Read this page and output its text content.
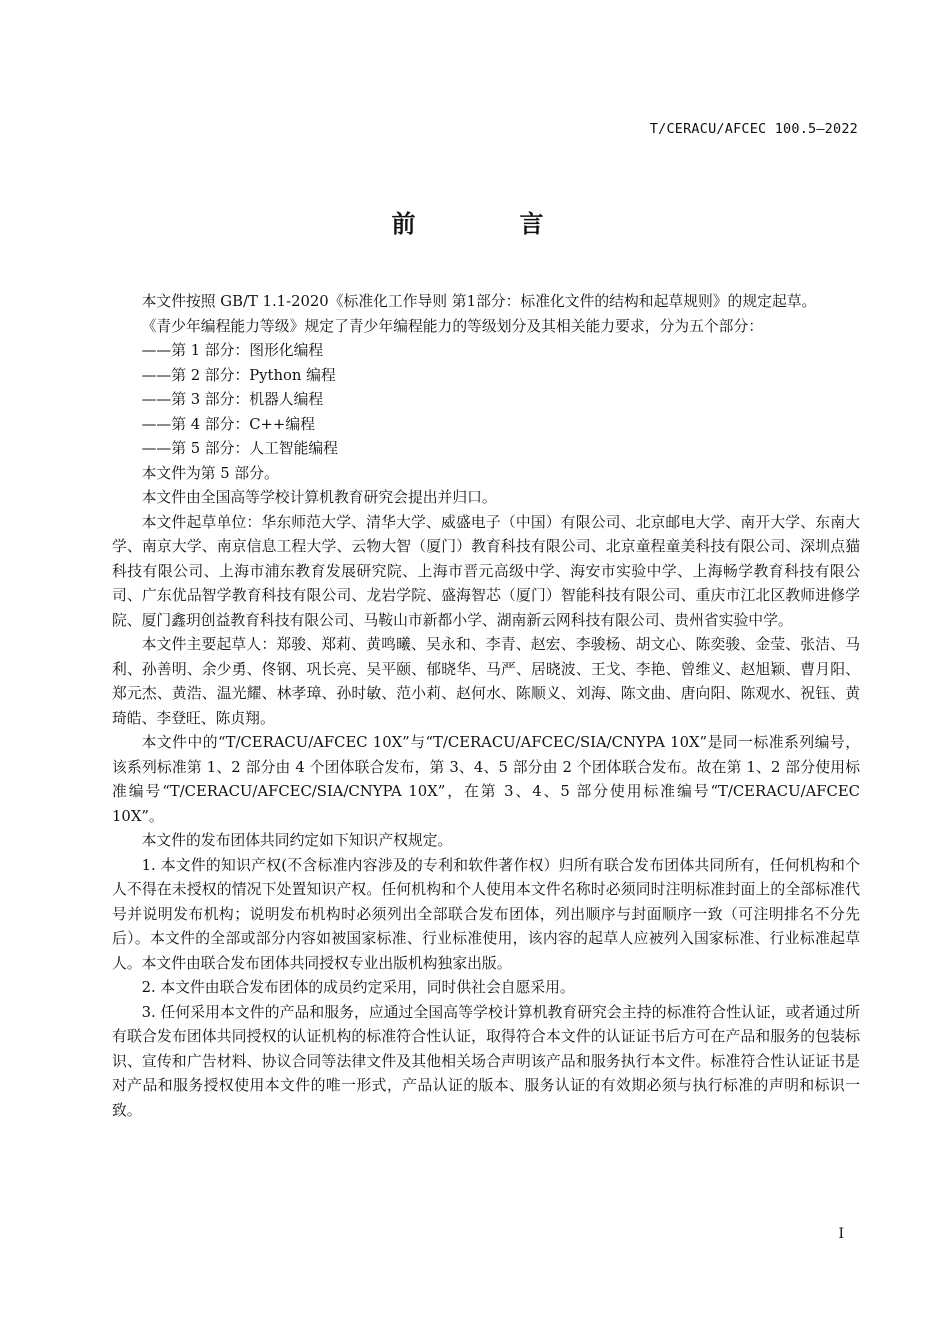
T/CERACU/AFCEC 100.5—2022
前　言

本文件按照 GB/T 1.1-2020《标准化工作导则 第1部分：标准化文件的结构和起草规则》的规定起草。

《青少年编程能力等级》规定了青少年编程能力的等级划分及其相关能力要求，分为五个部分：

——第 1 部分：图形化编程

——第 2 部分：Python 编程

——第 3 部分：机器人编程

——第 4 部分：C++编程

——第 5 部分：人工智能编程

本文件为第 5 部分。

本文件由全国高等学校计算机教育研究会提出并归口。

本文件起草单位：华东师范大学、清华大学、威盛电子（中国）有限公司、北京邮电大学、南开大学、东南大学、南京大学、南京信息工程大学、云物大智（厦门）教育科技有限公司、北京童程童美科技有限公司、深圳点猫科技有限公司、上海市浦东教育发展研究院、上海市晋元高级中学、海安市实验中学、上海畅学教育科技有限公司、广东优品智学教育科技有限公司、龙岩学院、盛海智芯（厦门）智能科技有限公司、重庆市江北区教师进修学院、厦门鑫玥创益教育科技有限公司、马鞍山市新都小学、湖南新云网科技有限公司、贵州省实验中学。

本文件主要起草人：郑骏、郑莉、黄鸣曦、吴永和、李青、赵宏、李骏杨、胡文心、陈奕骏、金莹、张洁、马利、孙善明、余少勇、佟钢、巩长亮、吴平颐、郁晓华、马严、居晓波、王戈、李艳、曾维义、赵旭颖、曹月阳、郑元杰、黄浩、温光耀、林孝璋、孙时敏、范小莉、赵何水、陈顺义、刘海、陈文曲、唐向阳、陈观水、祝钰、黄琦皓、李登旺、陈贞翔。

本文件中的“T/CERACU/AFCEC 10X”与“T/CERACU/AFCEC/SIA/CNYPA 10X”是同一标准系列编号，该系列标准第 1、2 部分由 4 个团体联合发布，第 3、4、5 部分由 2 个团体联合发布。故在第 1、2 部分使用标准编号“T/CERACU/AFCEC/SIA/CNYPA 10X”，在第 3、4、5 部分使用标准编号“T/CERACU/AFCEC 10X”。

本文件的发布团体共同约定如下知识产权规定。

1. 本文件的知识产权(不含标准内容涉及的专利和软件著作权）归所有联合发布团体共同所有，任何机构和个人不得在未授权的情况下处置知识产权。任何机构和个人使用本文件名称时必须同时注明标准封面上的全部标准代号并说明发布机构；说明发布机构时必须列出全部联合发布团体，列出顺序与封面顺序一致（可注明排名不分先后）。本文件的全部或部分内容如被国家标准、行业标准使用，该内容的起草人应被列入国家标准、行业标准起草人。本文件由联合发布团体共同授权专业出版机构独家出版。

2. 本文件由联合发布团体的成员约定采用，同时供社会自愿采用。

3. 任何采用本文件的产品和服务，应通过全国高等学校计算机教育研究会主持的标准符合性认证，或者通过所有联合发布团体共同授权的认证机构的标准符合性认证，取得符合本文件的认证证书后方可在产品和服务的包装标识、宣传和广告材料、协议合同等法律文件及其他相关场合声明该产品和服务执行本文件。标准符合性认证证书是对产品和服务授权使用本文件的唯一形式，产品认证的版本、服务认证的有效期必须与执行标准的声明和标识一致。

I
